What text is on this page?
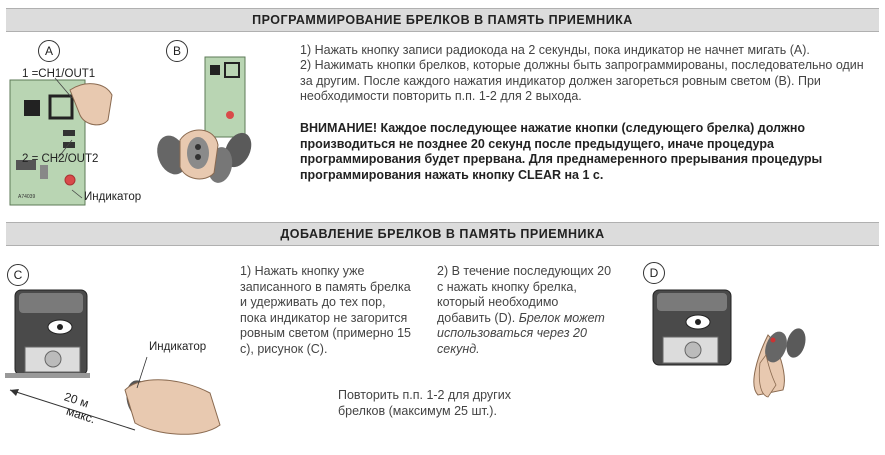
ПРОГРАММИРОВАНИЕ БРЕЛКОВ В ПАМЯТЬ ПРИЕМНИКА
A
A74039
1 =CH1/OUT1
2 = CH2/OUT2
Индикатор
B	1) Нажать кнопку записи радиокода на 2 секунды, пока индикатор не начнет мигать (A).
2) Нажимать кнопки брелков, которые должны быть запрограммированы, последовательно один за другим. После каждого нажатия индикатор должен загореться ровным светом (B). При необходимости повторить п.п. 1-2 для 2 выхода.
ВНИМАНИЕ! Каждое последующее нажатие кнопки (следующего брелка) должно производиться не позднее 20 секунд после предыдущего, иначе процедура программирования будет прервана. Для преднамеренного прерывания процедуры программирования нажать кнопку CLEAR на 1 с.
ДОБАВЛЕНИЕ БРЕЛКОВ В ПАМЯТЬ ПРИЕМНИКА
C
Индикатор
20 м
макс.
1) Нажать кнопку уже записанного в память брелка и удерживать до тех пор, пока индикатор не загорится ровным светом (примерно 15 с), рисунок (C).
2) В течение последующих 20 с нажать кнопку брелка, который необходимо добавить (D). Брелок может использоваться через 20 секунд.
Повторить п.п. 1-2 для других брелков (максимум 25 шт.).
D
